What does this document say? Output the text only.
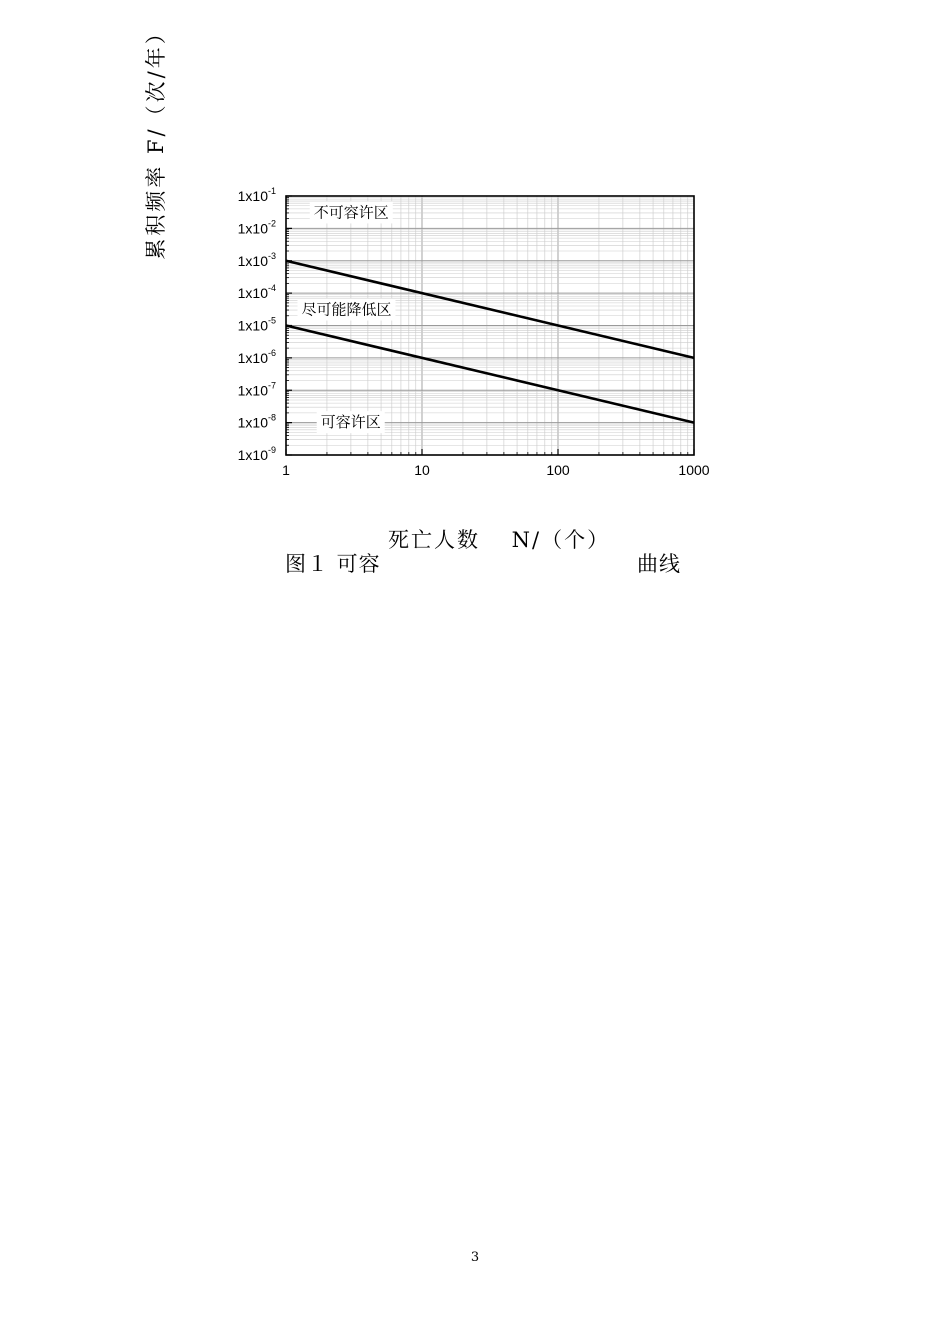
累积频率 F/（次/年）	不可容许区
尽可能降低区
可容许区
1	10	100	1000
$1x10^{-1}$
$1x10^{-2}$
$1x10^{-3}$
$1x10^{-4}$
$1x10^{-5}$
$1x10^{-6}$
$1x10^{-7}$
$1x10^{-8}$
$1x10^{-9}$
死亡人数　 N/（个）
图１ 可容	曲线
3
